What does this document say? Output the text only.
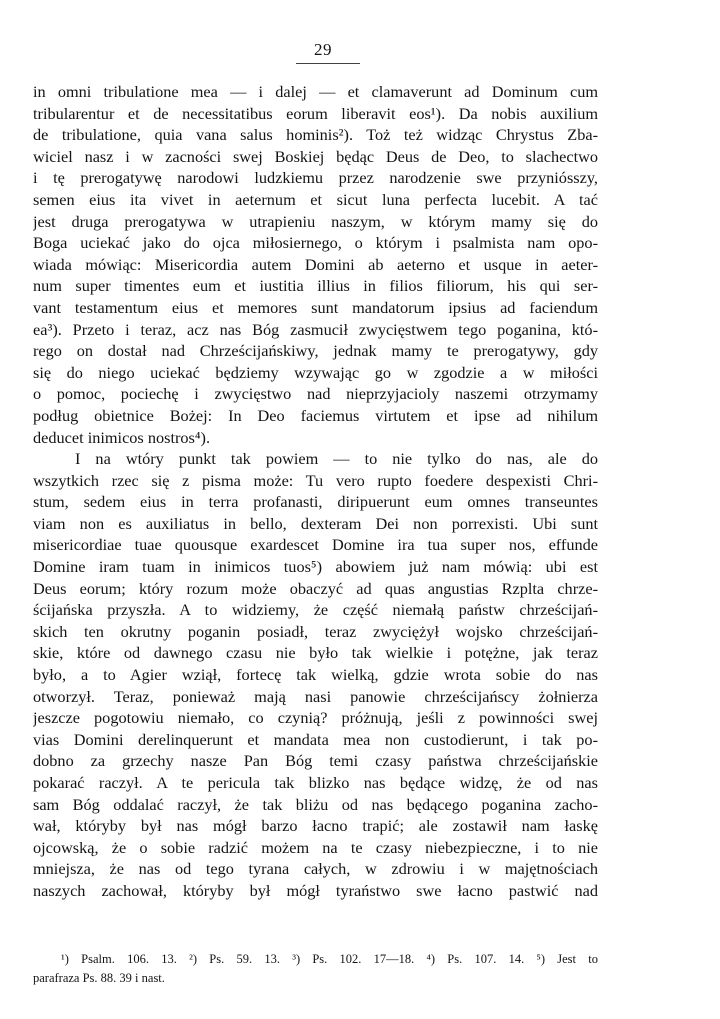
29
in omni tribulatione mea — i dalej — et clamaverunt ad Dominum cum
tribularentur et de necessitatibus eorum liberavit eos¹). Da nobis auxilium
de tribulatione, quia vana salus hominis²). Toż też widząc Chrystus Zba-
wiciel nasz i w zacności swej Boskiej będąc Deus de Deo, to slachectwo
i tę prerogatywę narodowi ludzkiemu przez narodzenie swe przyniósszy,
semen eius ita vivet in aeternum et sicut luna perfecta lucebit. A tać
jest druga prerogatywa w utrapieniu naszym, w którym mamy się do
Boga uciekać jako do ojca miłosiernego, o którym i psalmista nam opo-
wiada mówiąc: Misericordia autem Domini ab aeterno et usque in aeter-
num super timentes eum et iustitia illius in filios filiorum, his qui ser-
vant testamentum eius et memores sunt mandatorum ipsius ad faciendum
ea³). Przeto i teraz, acz nas Bóg zasmucił zwycięstwem tego poganina, któ-
rego on dostał nad Chrześcijańskiwy, jednak mamy te prerogatywy, gdy
się do niego uciekać będziemy wzywając go w zgodzie a w miłości
o pomoc, pociechę i zwycięstwo nad nieprzyjacioly naszemi otrzymamy
podług obietnice Bożej: In Deo faciemus virtutem et ipse ad nihilum
deducet inimicos nostros⁴).
I na wtóry punkt tak powiem — to nie tylko do nas, ale do
wszytkich rzec się z pisma może: Tu vero rupto foedere despexisti Chri-
stum, sedem eius in terra profanasti, diripuerunt eum omnes transeuntes
viam non es auxiliatus in bello, dexteram Dei non porrexisti. Ubi sunt
misericordiae tuae quousque exardescet Domine ira tua super nos, effunde
Domine iram tuam in inimicos tuos⁵) abowiem już nam mówią: ubi est
Deus eorum; który rozum może obaczyć ad quas angustias Rzplta chrze-
ścijańska przyszła. A to widziemy, że część niemałą państw chrześcijań-
skich ten okrutny poganin posiadł, teraz zwyciężył wojsko chrześcijań-
skie, które od dawnego czasu nie było tak wielkie i potężne, jak teraz
było, a to Agier wziął, fortecę tak wielką, gdzie wrota sobie do nas
otworzył. Teraz, ponieważ mają nasi panowie chrześcijańscy żołnierza
jeszcze pogotowiu niemało, co czynią? próżnują, jeśli z powinności swej
vias Domini derelinquerunt et mandata mea non custodierunt, i tak po-
dobno za grzechy nasze Pan Bóg temi czasy państwa chrześcijańskie
pokarać raczył. A te pericula tak blizko nas będące widzę, że od nas
sam Bóg oddalać raczył, że tak bliżu od nas będącego poganina zacho-
wał, któryby był nas mógł barzo łacno trapić; ale zostawił nam łaskę
ojcowską, że o sobie radzić możem na te czasy niebezpieczne, i to nie
mniejsza, że nas od tego tyrana całych, w zdrowiu i w majętnościach
naszych zachował, któryby był mógł tyraństwo swe łacno pastwić nad
¹) Psalm. 106. 13. ²) Ps. 59. 13. ³) Ps. 102. 17—18. ⁴) Ps. 107. 14. ⁵) Jest to
parafraza Ps. 88. 39 i nast.
